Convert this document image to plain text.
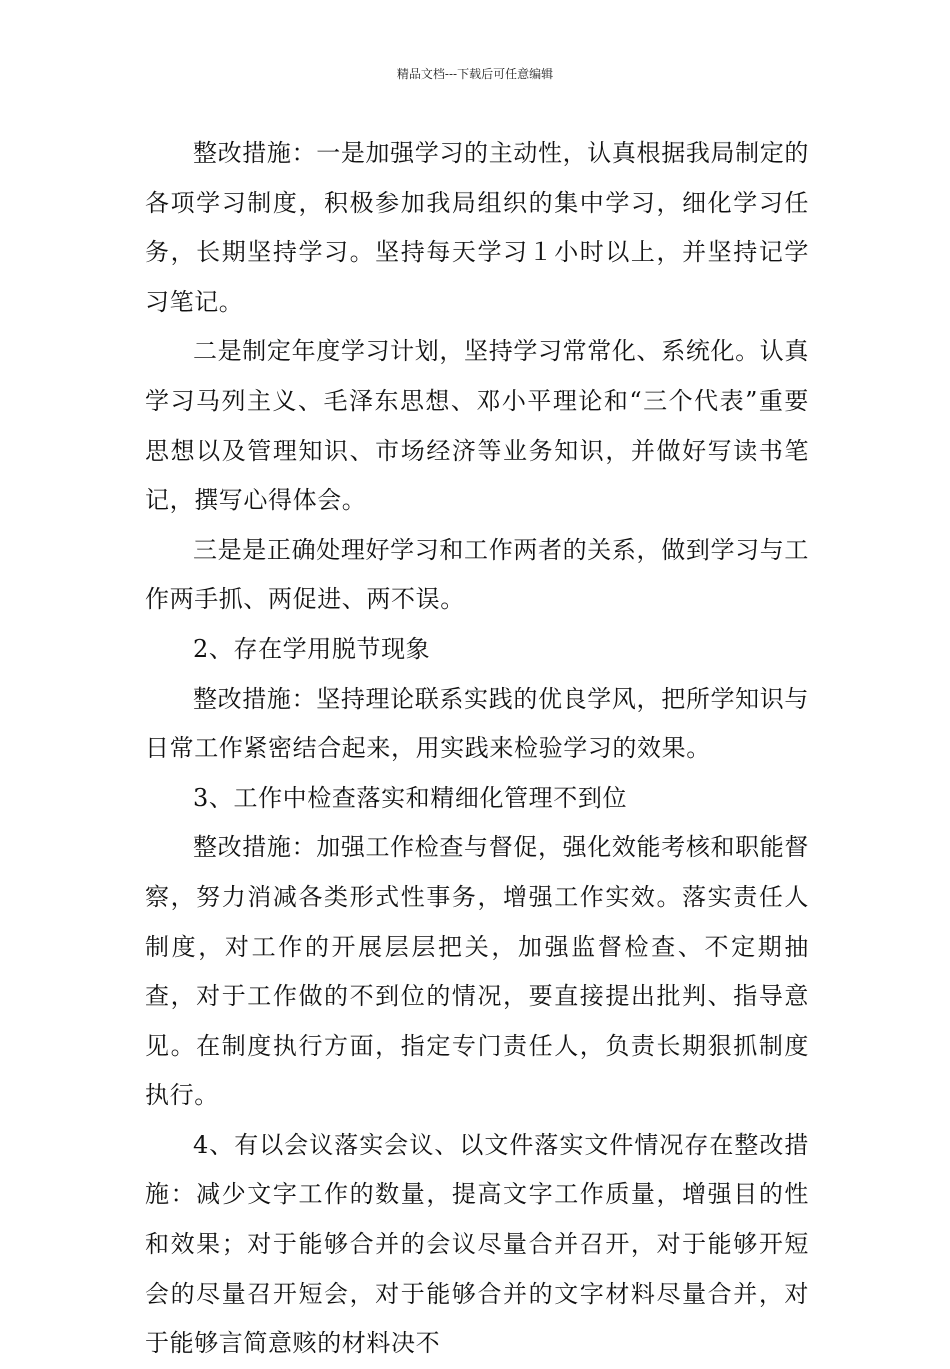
精品文档---下载后可任意编辑

整改措施：一是加强学习的主动性，认真根据我局制定的各项学习制度，积极参加我局组织的集中学习，细化学习任务，长期坚持学习。坚持每天学习１小时以上，并坚持记学习笔记。

二是制定年度学习计划，坚持学习常常化、系统化。认真学习马列主义、毛泽东思想、邓小平理论和“三个代表”重要思想以及管理知识、市场经济等业务知识，并做好写读书笔记，撰写心得体会。

三是是正确处理好学习和工作两者的关系，做到学习与工作两手抓、两促进、两不误。

2、存在学用脱节现象

整改措施：坚持理论联系实践的优良学风，把所学知识与日常工作紧密结合起来，用实践来检验学习的效果。

3、工作中检查落实和精细化管理不到位

整改措施：加强工作检查与督促，强化效能考核和职能督察，努力消减各类形式性事务，增强工作实效。落实责任人制度，对工作的开展层层把关，加强监督检查、不定期抽查，对于工作做的不到位的情况，要直接提出批判、指导意见。在制度执行方面，指定专门责任人，负责长期狠抓制度执行。

4、有以会议落实会议、以文件落实文件情况存在整改措施：减少文字工作的数量，提高文字工作质量，增强目的性和效果；对于能够合并的会议尽量合并召开，对于能够开短会的尽量召开短会，对于能够合并的文字材料尽量合并，对于能够言简意赅的材料决不
